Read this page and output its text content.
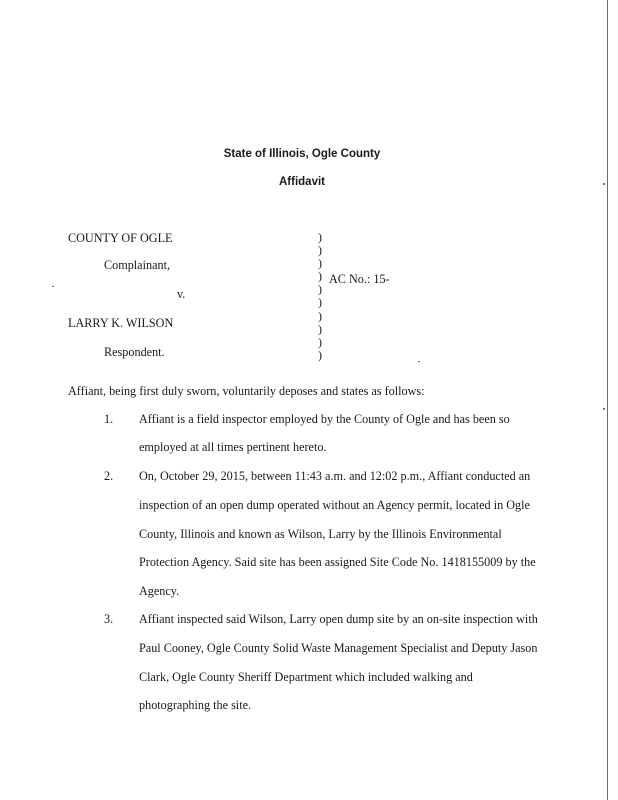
State of Illinois, Ogle County
Affidavit
COUNTY OF OGLE
Complainant,
v.
LARRY K. WILSON
Respondent.
)
)
)
)
)
)
)
)
)
)
AC No.: 15-
Affiant, being first duly sworn, voluntarily deposes and states as follows:
1. Affiant is a field inspector employed by the County of Ogle and has been so
employed at all times pertinent hereto.
2. On, October 29, 2015, between 11:43 a.m. and 12:02 p.m., Affiant conducted an
inspection of an open dump operated without an Agency permit, located in Ogle
County, Illinois and known as Wilson, Larry by the Illinois Environmental
Protection Agency. Said site has been assigned Site Code No. 1418155009 by the
Agency.
3. Affiant inspected said Wilson, Larry open dump site by an on-site inspection with
Paul Cooney, Ogle County Solid Waste Management Specialist and Deputy Jason
Clark, Ogle County Sheriff Department which included walking and
photographing the site.
